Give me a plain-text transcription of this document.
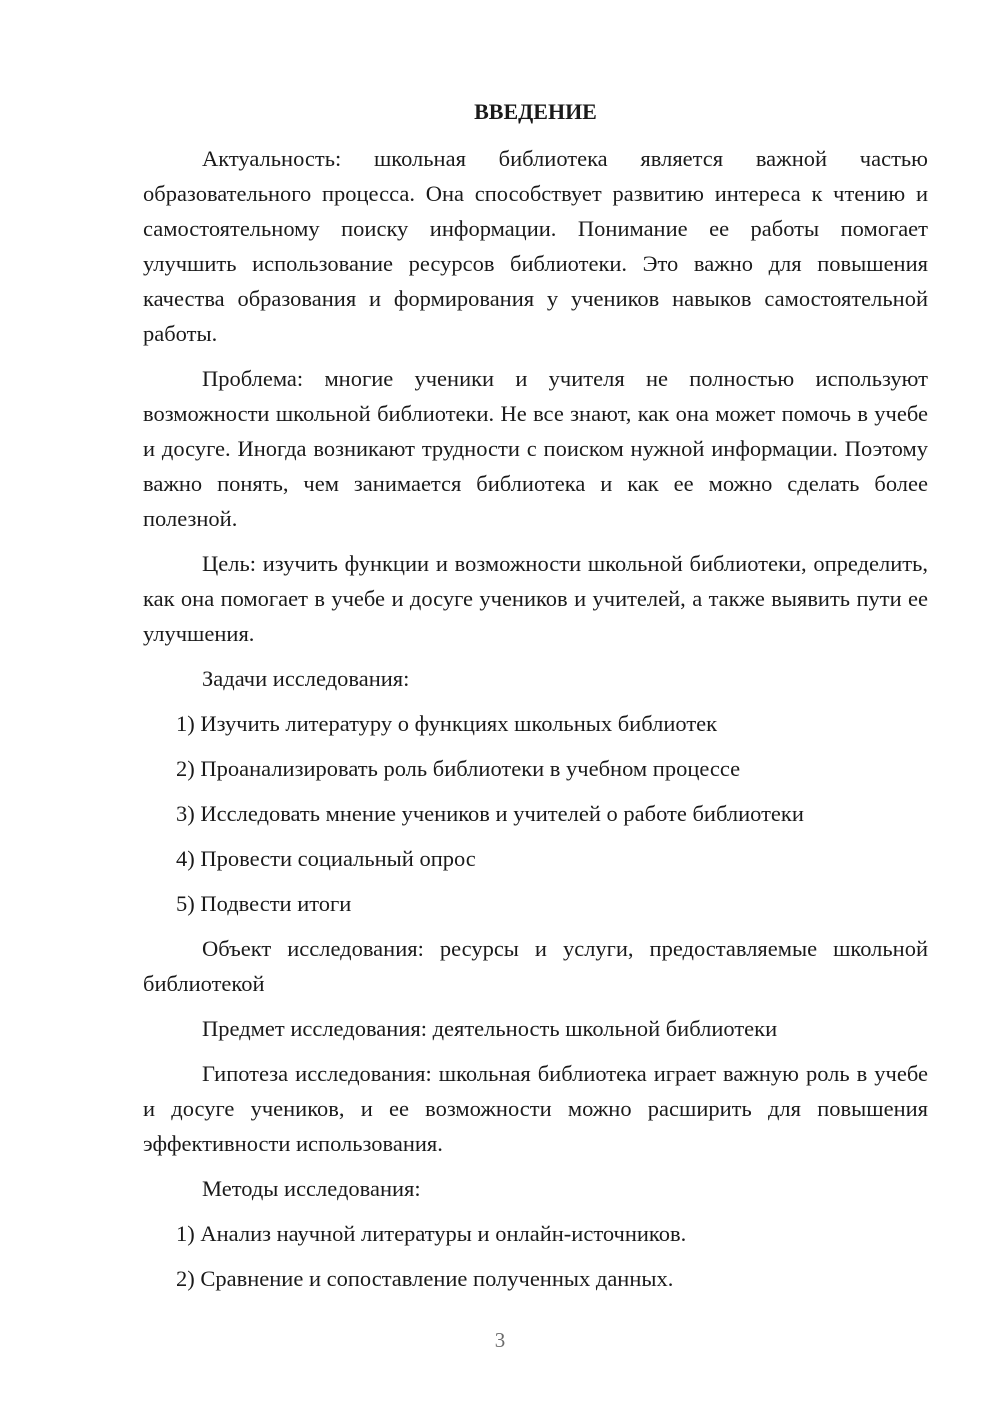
ВВЕДЕНИЕ

Актуальность: школьная библиотека является важной частью образовательного процесса. Она способствует развитию интереса к чтению и самостоятельному поиску информации. Понимание ее работы помогает улучшить использование ресурсов библиотеки. Это важно для повышения качества образования и формирования у учеников навыков самостоятельной работы.

Проблема: многие ученики и учителя не полностью используют возможности школьной библиотеки. Не все знают, как она может помочь в учебе и досуге. Иногда возникают трудности с поиском нужной информации. Поэтому важно понять, чем занимается библиотека и как ее можно сделать более полезной.

Цель: изучить функции и возможности школьной библиотеки, определить, как она помогает в учебе и досуге учеников и учителей, а также выявить пути ее улучшения.

Задачи исследования:

1) Изучить литературу о функциях школьных библиотек
2) Проанализировать роль библиотеки в учебном процессе
3) Исследовать мнение учеников и учителей о работе библиотеки
4) Провести социальный опрос
5) Подвести итоги

Объект исследования: ресурсы и услуги, предоставляемые школьной библиотекой

Предмет исследования: деятельность школьной библиотеки

Гипотеза исследования: школьная библиотека играет важную роль в учебе и досуге учеников, и ее возможности можно расширить для повышения эффективности использования.

Методы исследования:

1) Анализ научной литературы и онлайн-источников.
2) Сравнение и сопоставление полученных данных.
3
